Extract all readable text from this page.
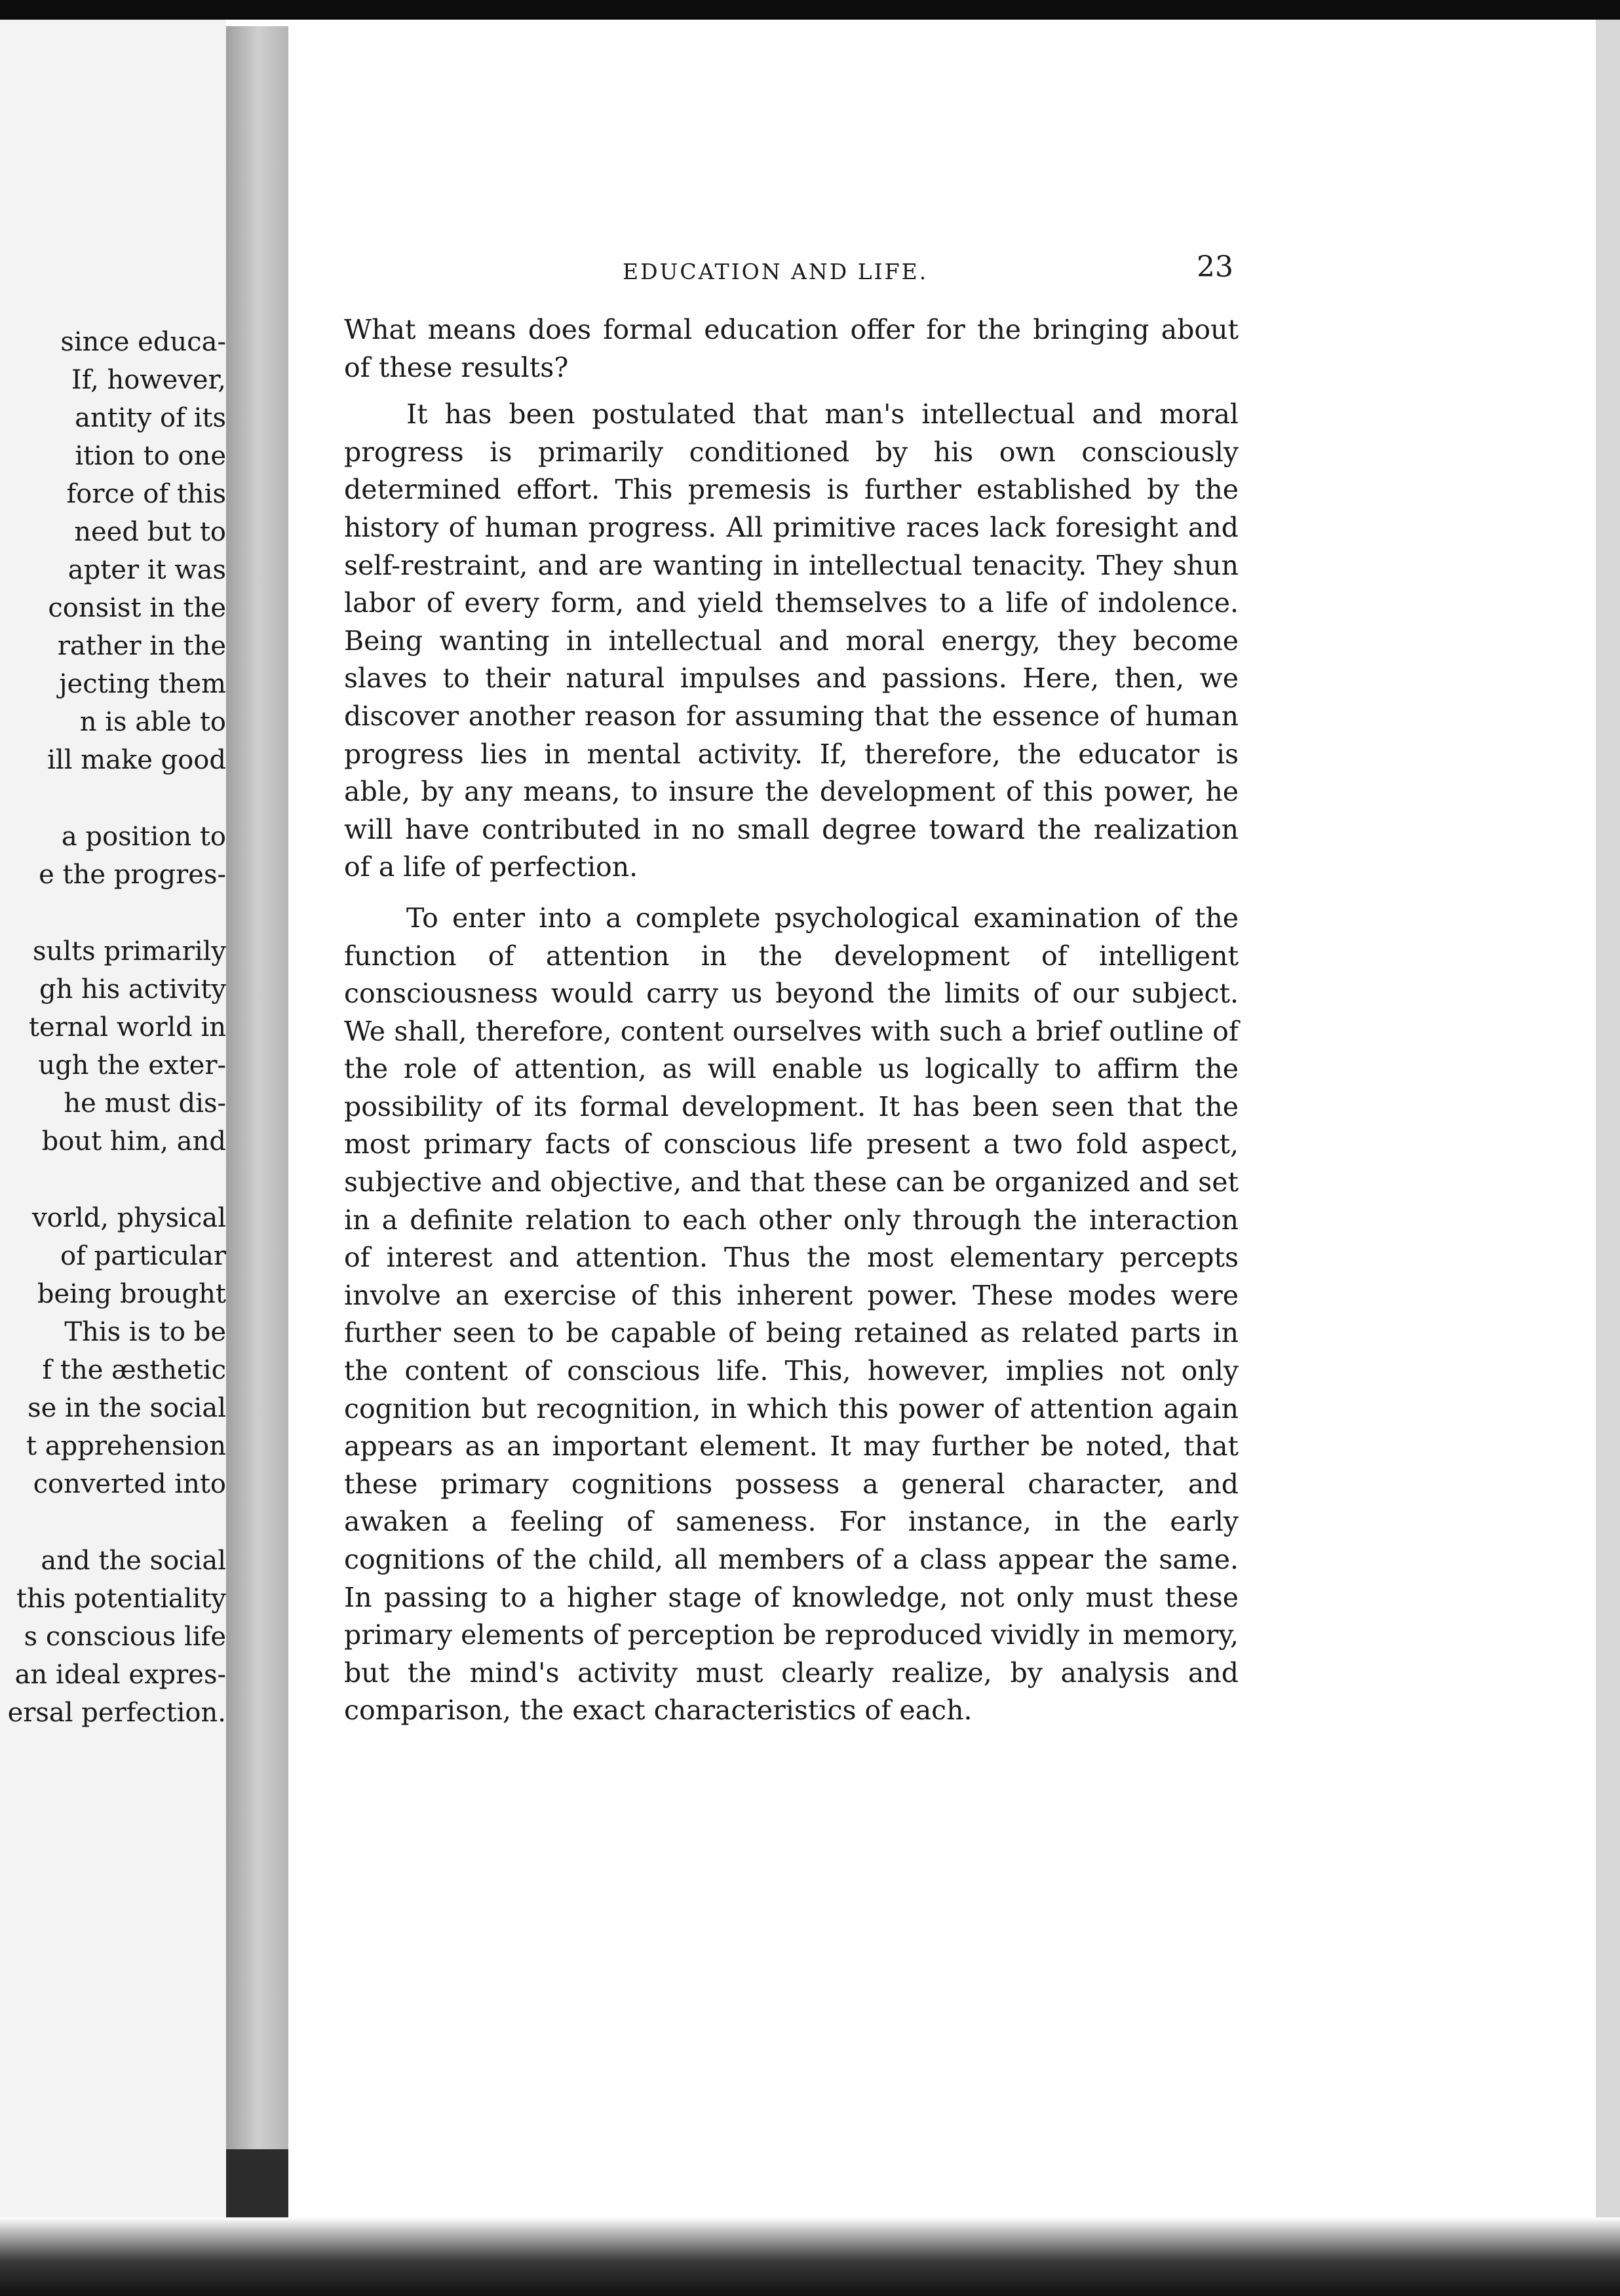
since educa-
If, however,
antity of its
ition to one
force of this
need but to
apter it was
consist in the
rather in the
jecting them
n is able to
ill make good
a position to
e the progres-
sults primarily
gh his activity
ternal world in
ugh the exter-
he must dis-
bout him, and
vorld, physical
of particular
being brought
This is to be
f the æsthetic
se in the social
t apprehension
converted into
and the social
this potentiality
s conscious life
an ideal expres-
ersal perfection.
EDUCATION AND LIFE.	23

What means does formal education offer for the bringing about of these results?

It has been postulated that man's intellectual and moral progress is primarily conditioned by his own consciously determined effort. This premesis is further established by the history of human progress. All primitive races lack foresight and self-restraint, and are wanting in intellectual tenacity. They shun labor of every form, and yield themselves to a life of indolence. Being wanting in intellectual and moral energy, they become slaves to their natural impulses and passions. Here, then, we discover another reason for assuming that the essence of human progress lies in mental activity. If, therefore, the educator is able, by any means, to insure the development of this power, he will have contributed in no small degree toward the realization of a life of perfection.

To enter into a complete psychological examination of the function of attention in the development of intelligent consciousness would carry us beyond the limits of our subject. We shall, therefore, content ourselves with such a brief outline of the role of attention, as will enable us logically to affirm the possibility of its formal development. It has been seen that the most primary facts of conscious life present a two fold aspect, subjective and objective, and that these can be organized and set in a definite relation to each other only through the interaction of interest and attention. Thus the most elementary percepts involve an exercise of this inherent power. These modes were further seen to be capable of being retained as related parts in the content of conscious life. This, however, implies not only cognition but recognition, in which this power of attention again appears as an important element. It may further be noted, that these primary cognitions possess a general character, and awaken a feeling of sameness. For instance, in the early cognitions of the child, all members of a class appear the same. In passing to a higher stage of knowledge, not only must these primary elements of perception be reproduced vividly in memory, but the mind's activity must clearly realize, by analysis and comparison, the exact characteristics of each.
